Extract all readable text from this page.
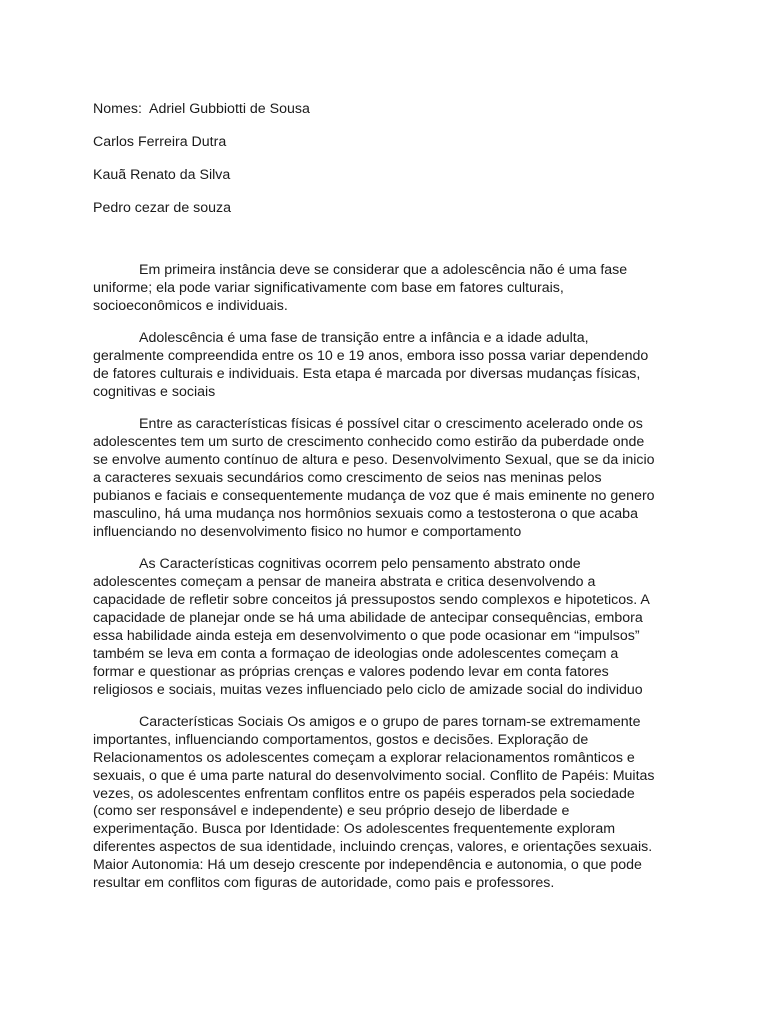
Nomes:  Adriel Gubbiotti de Sousa
Carlos Ferreira Dutra
Kauã Renato da Silva
Pedro cezar de souza

Em primeira instância deve se considerar que a adolescência não é uma fase uniforme; ela pode variar significativamente com base em fatores culturais, socioeconômicos e individuais.

Adolescência é uma fase de transição entre a infância e a idade adulta, geralmente compreendida entre os 10 e 19 anos, embora isso possa variar dependendo de fatores culturais e individuais. Esta etapa é marcada por diversas mudanças físicas, cognitivas e sociais

Entre as características físicas é possível citar o crescimento acelerado onde os adolescentes tem um surto de crescimento conhecido como estirão da puberdade onde se envolve aumento contínuo de altura e peso. Desenvolvimento Sexual, que se da inicio a caracteres sexuais secundários como crescimento de seios nas meninas pelos pubianos e faciais e consequentemente mudança de voz que é mais eminente no genero masculino, há uma mudança nos hormônios sexuais como a testosterona o que acaba influenciando no desenvolvimento fisico no humor e comportamento

As Características cognitivas ocorrem pelo pensamento abstrato onde adolescentes começam a pensar de maneira abstrata e critica desenvolvendo a capacidade de refletir sobre conceitos já pressupostos sendo complexos e hipoteticos. A capacidade de planejar onde se há uma abilidade de antecipar consequências, embora essa habilidade ainda esteja em desenvolvimento o que pode ocasionar em “impulsos” também se leva em conta a formaçao de ideologias onde adolescentes começam a formar e questionar as próprias crenças e valores podendo levar em conta fatores religiosos e sociais, muitas vezes influenciado pelo ciclo de amizade social do individuo

Características Sociais Os amigos e o grupo de pares tornam-se extremamente importantes, influenciando comportamentos, gostos e decisões. Exploração de Relacionamentos os adolescentes começam a explorar relacionamentos românticos e sexuais, o que é uma parte natural do desenvolvimento social. Conflito de Papéis: Muitas vezes, os adolescentes enfrentam conflitos entre os papéis esperados pela sociedade (como ser responsável e independente) e seu próprio desejo de liberdade e experimentação. Busca por Identidade: Os adolescentes frequentemente exploram diferentes aspectos de sua identidade, incluindo crenças, valores, e orientações sexuais. Maior Autonomia: Há um desejo crescente por independência e autonomia, o que pode resultar em conflitos com figuras de autoridade, como pais e professores.
